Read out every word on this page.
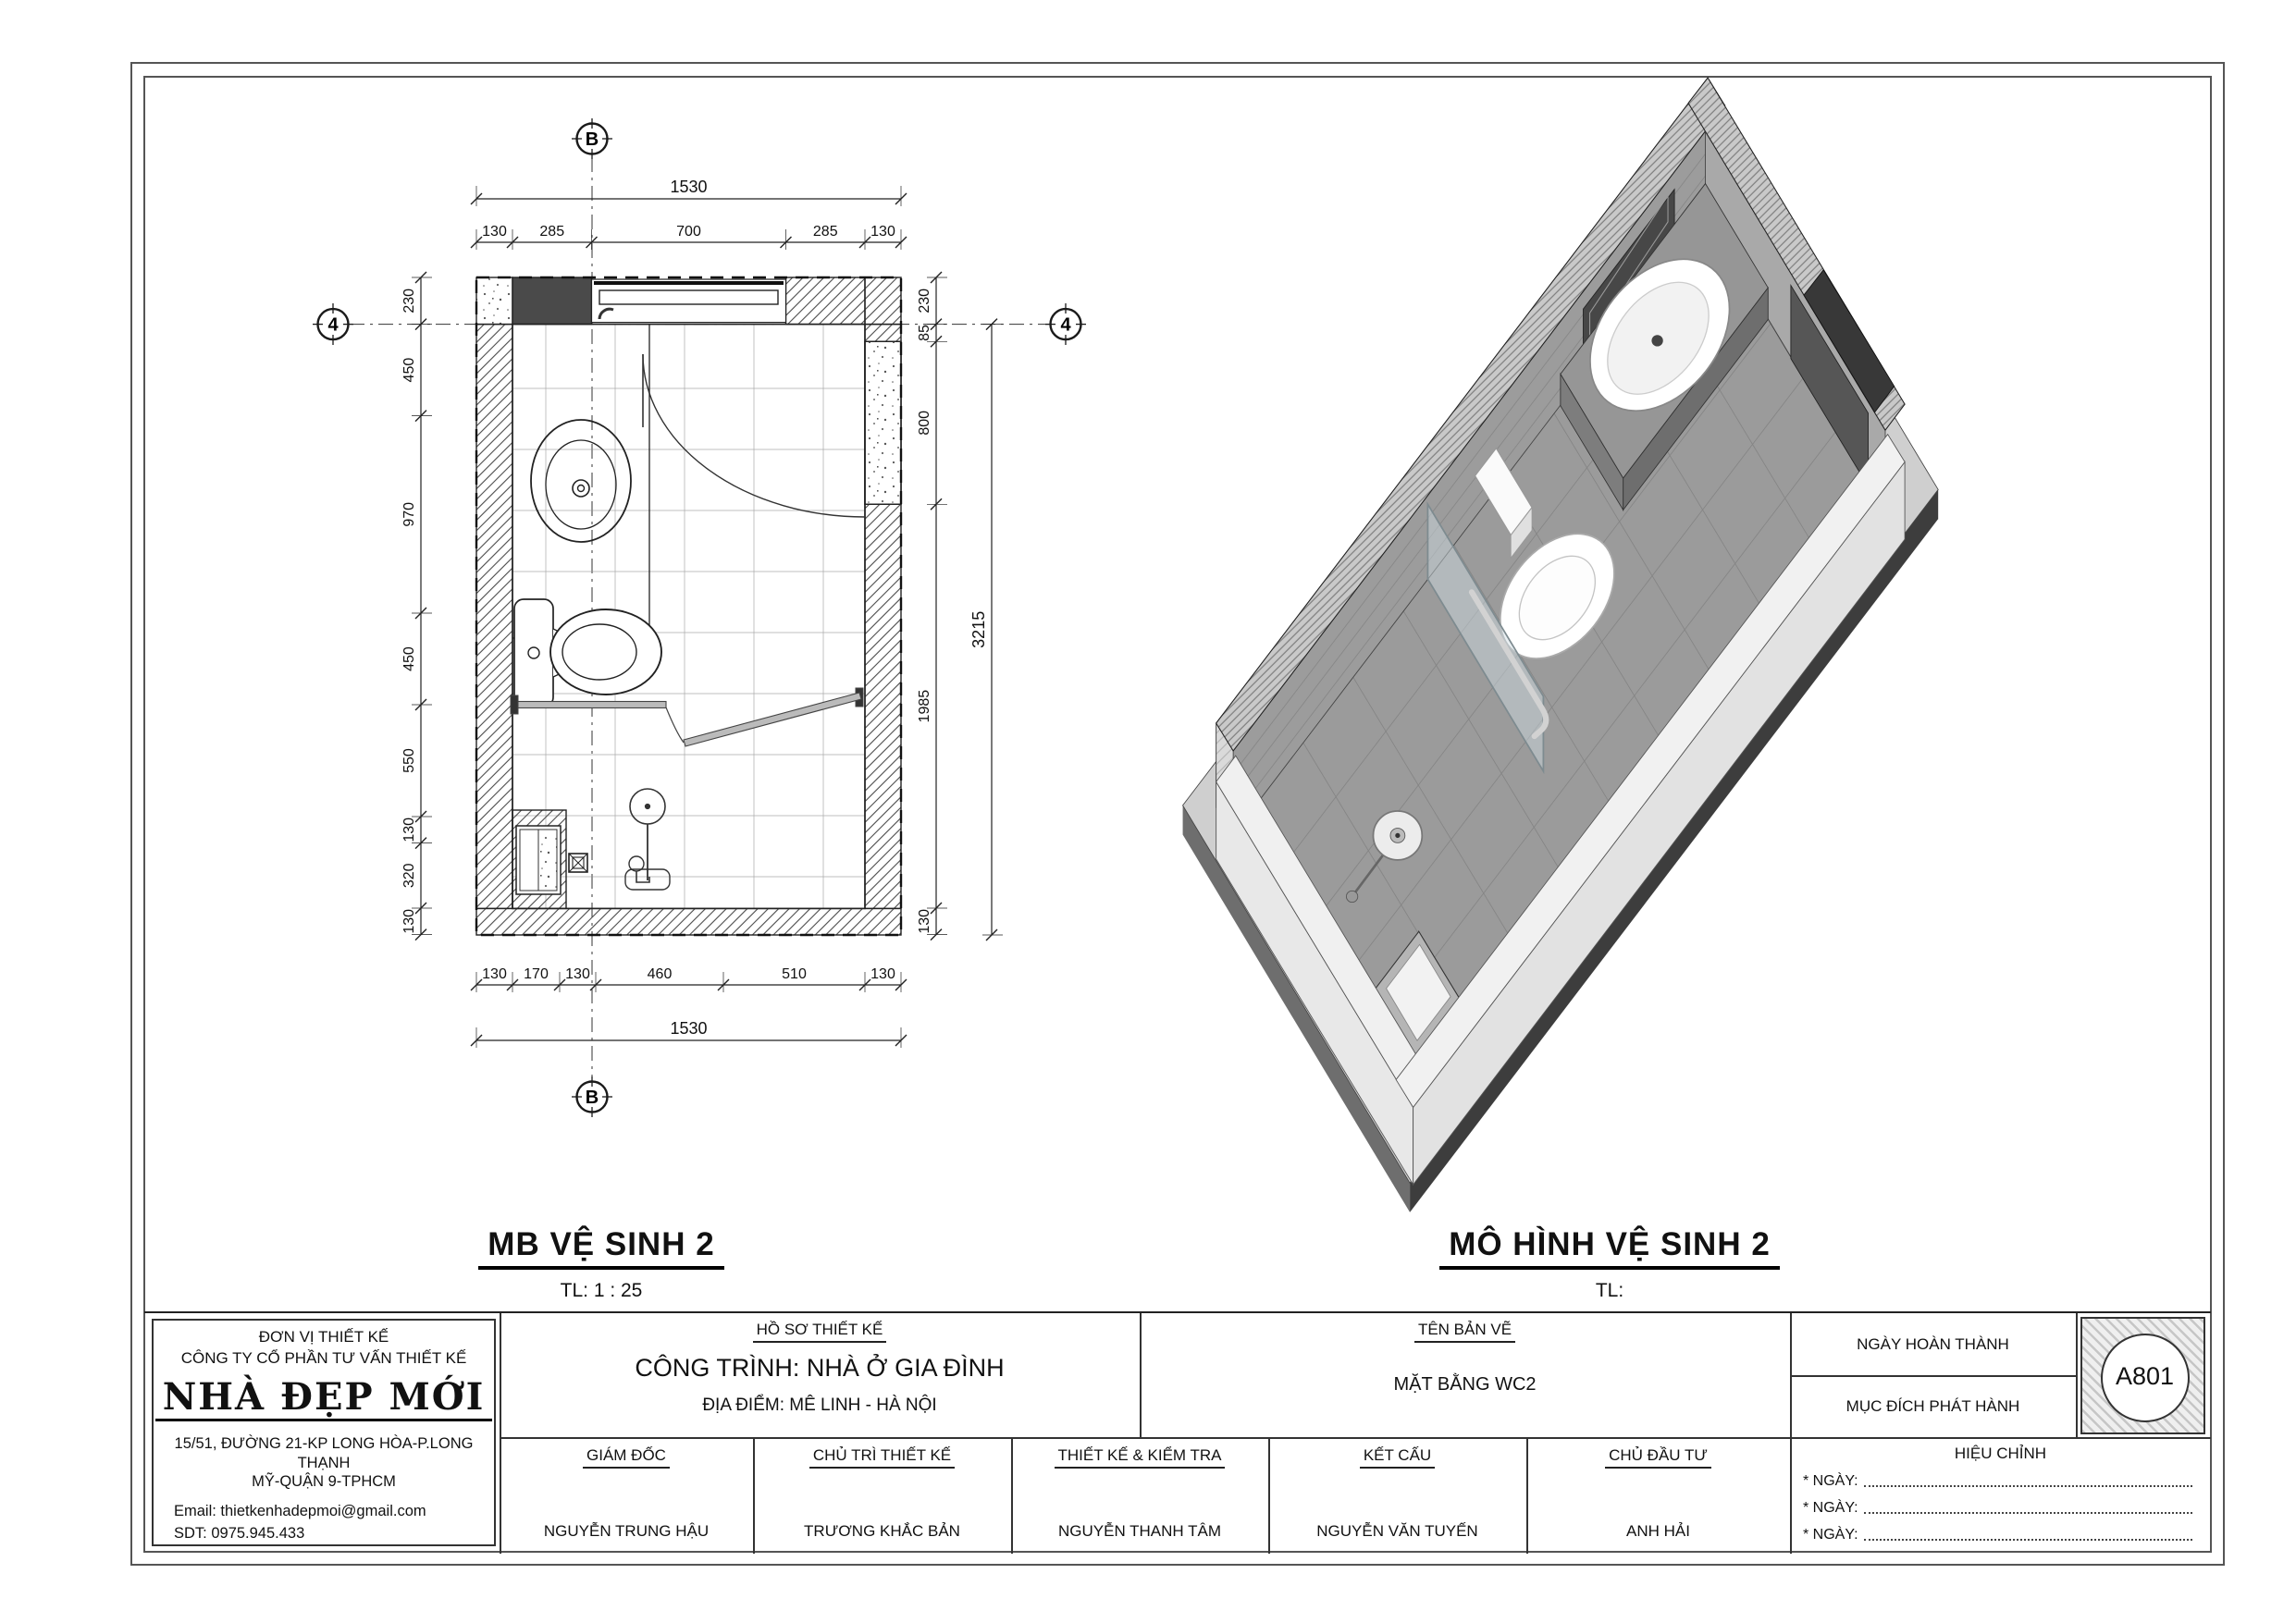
B
B
4	4
1530
130 285	700	285 130
130 170 130	460	510	130
1530
230
450
970
450
550
130
320
130
230
85
800
1985
130
3215
MB VỆ SINH 2
TL: 1 : 25
MÔ HÌNH VỆ SINH 2
TL:
ĐƠN VỊ THIẾT KẾ
CÔNG TY CỔ PHẦN TƯ VẤN THIẾT KẾ
NHÀ ĐẸP MỚI
15/51, ĐƯỜNG 21-KP LONG HÒA-P.LONG THẠNH
MỸ-QUẬN 9-TPHCM
Email: thietkenhadepmoi@gmail.com
SDT: 0975.945.433
HỒ SƠ THIẾT KẾ
CÔNG TRÌNH: NHÀ Ở GIA ĐÌNH
ĐỊA ĐIỂM: MÊ LINH - HÀ NỘI
TÊN BẢN VẼ
MẶT BẰNG WC2
NGÀY HOÀN THÀNH
MỤC ĐÍCH PHÁT HÀNH
A801
GIÁM ĐỐC
NGUYỄN TRUNG HẬU
CHỦ TRÌ THIẾT KẾ
TRƯƠNG KHẮC BẢN
THIẾT KẾ & KIỂM TRA
NGUYỄN THANH TÂM
KẾT CẤU
NGUYỄN VĂN TUYẾN
CHỦ ĐẦU TƯ
ANH HẢI
HIỆU CHỈNH
* NGÀY:
* NGÀY:
* NGÀY:
